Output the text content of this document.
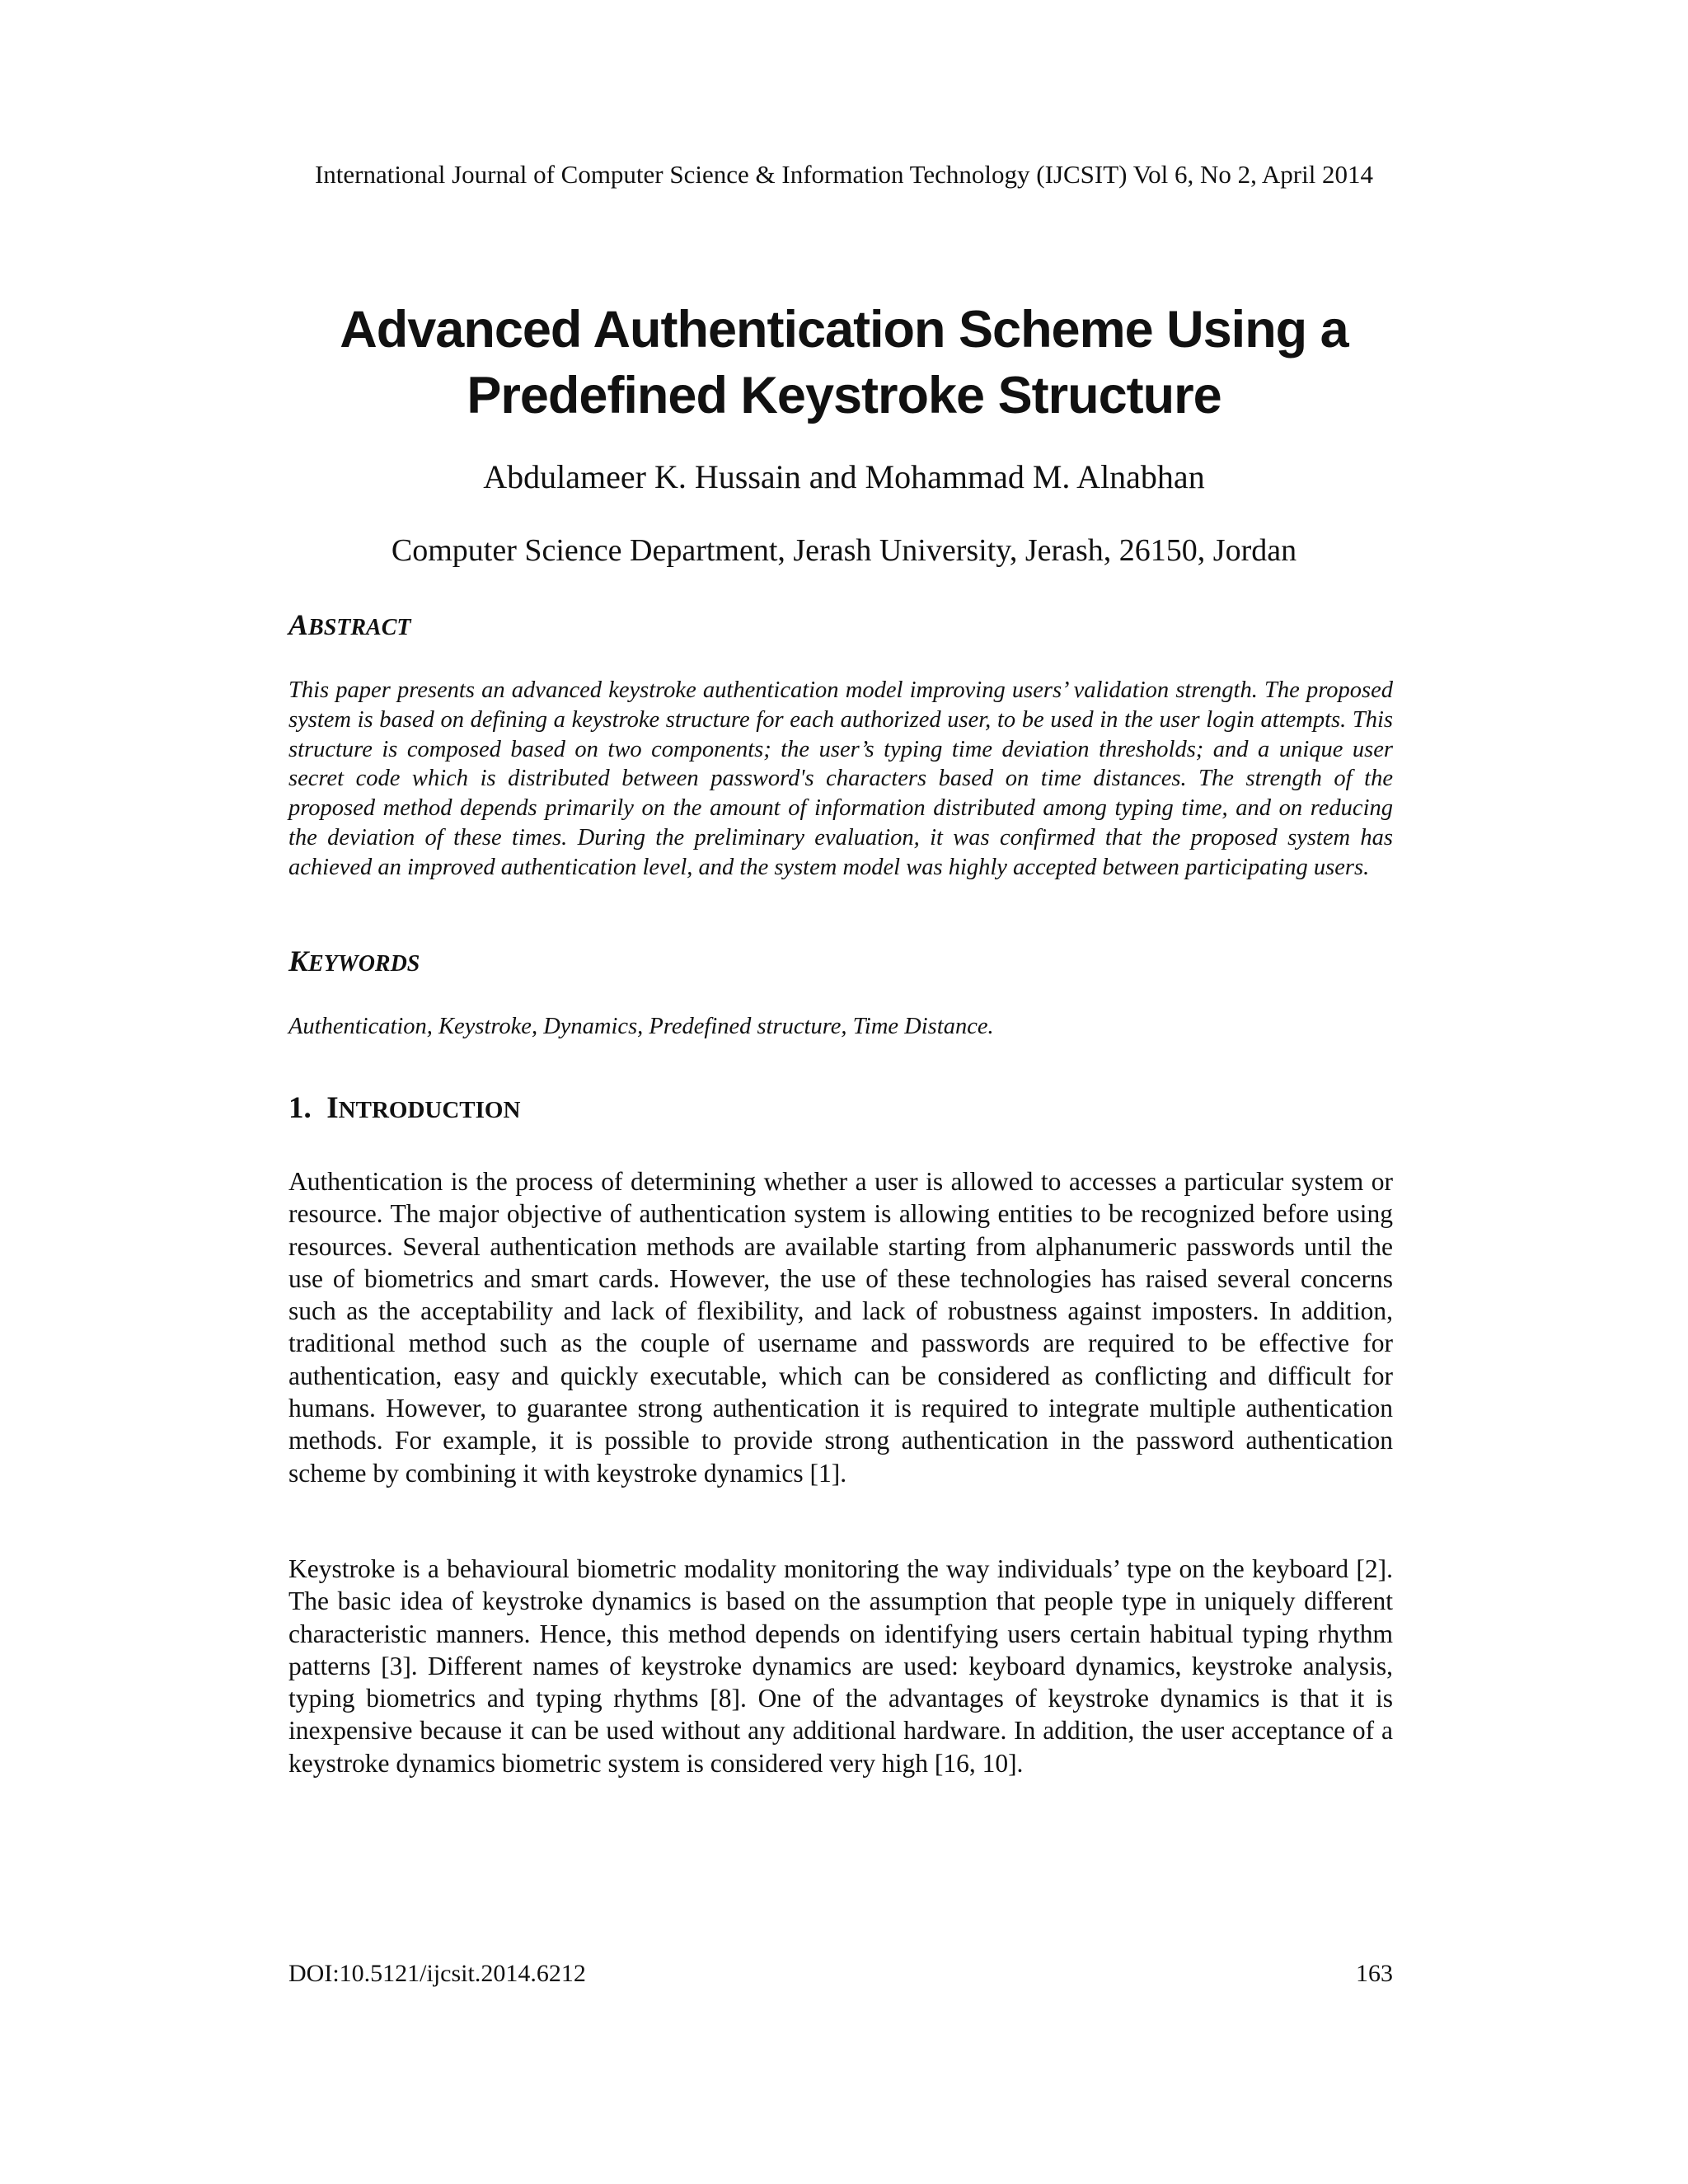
International Journal of Computer Science & Information Technology (IJCSIT) Vol 6, No 2, April 2014
Advanced Authentication Scheme Using a
Predefined Keystroke Structure
Abdulameer K. Hussain and Mohammad M. Alnabhan
Computer Science Department, Jerash University, Jerash, 26150, Jordan
ABSTRACT
This paper presents an advanced keystroke authentication model improving users’ validation strength. The proposed system is based on defining a keystroke structure for each authorized user, to be used in the user login attempts. This structure is composed based on two components; the user’s typing time deviation thresholds; and a unique user secret code which is distributed between password's characters based on time distances. The strength of the proposed method depends primarily on the amount of information distributed among typing time, and on reducing the deviation of these times. During the preliminary evaluation, it was confirmed that the proposed system has achieved an improved authentication level, and the system model was highly accepted between participating users.
KEYWORDS
Authentication, Keystroke, Dynamics, Predefined structure, Time Distance.
1. INTRODUCTION
Authentication is the process of determining whether a user is allowed to accesses a particular system or resource. The major objective of authentication system is allowing entities to be recognized before using resources. Several authentication methods are available starting from alphanumeric passwords until the use of biometrics and smart cards. However, the use of these technologies has raised several concerns such as the acceptability and lack of flexibility, and lack of robustness against imposters. In addition, traditional method such as the couple of username and passwords are required to be effective for authentication, easy and quickly executable, which can be considered as conflicting and difficult for humans. However, to guarantee strong authentication it is required to integrate multiple authentication methods. For example, it is possible to provide strong authentication in the password authentication scheme by combining it with keystroke dynamics [1].
Keystroke is a behavioural biometric modality monitoring the way individuals’ type on the keyboard [2]. The basic idea of keystroke dynamics is based on the assumption that people type in uniquely different characteristic manners. Hence, this method depends on identifying users certain habitual typing rhythm patterns [3]. Different names of keystroke dynamics are used: keyboard dynamics, keystroke analysis, typing biometrics and typing rhythms [8]. One of the advantages of keystroke dynamics is that it is inexpensive because it can be used without any additional hardware. In addition, the user acceptance of a keystroke dynamics biometric system is considered very high [16, 10].
DOI:10.5121/ijcsit.2014.6212	163
